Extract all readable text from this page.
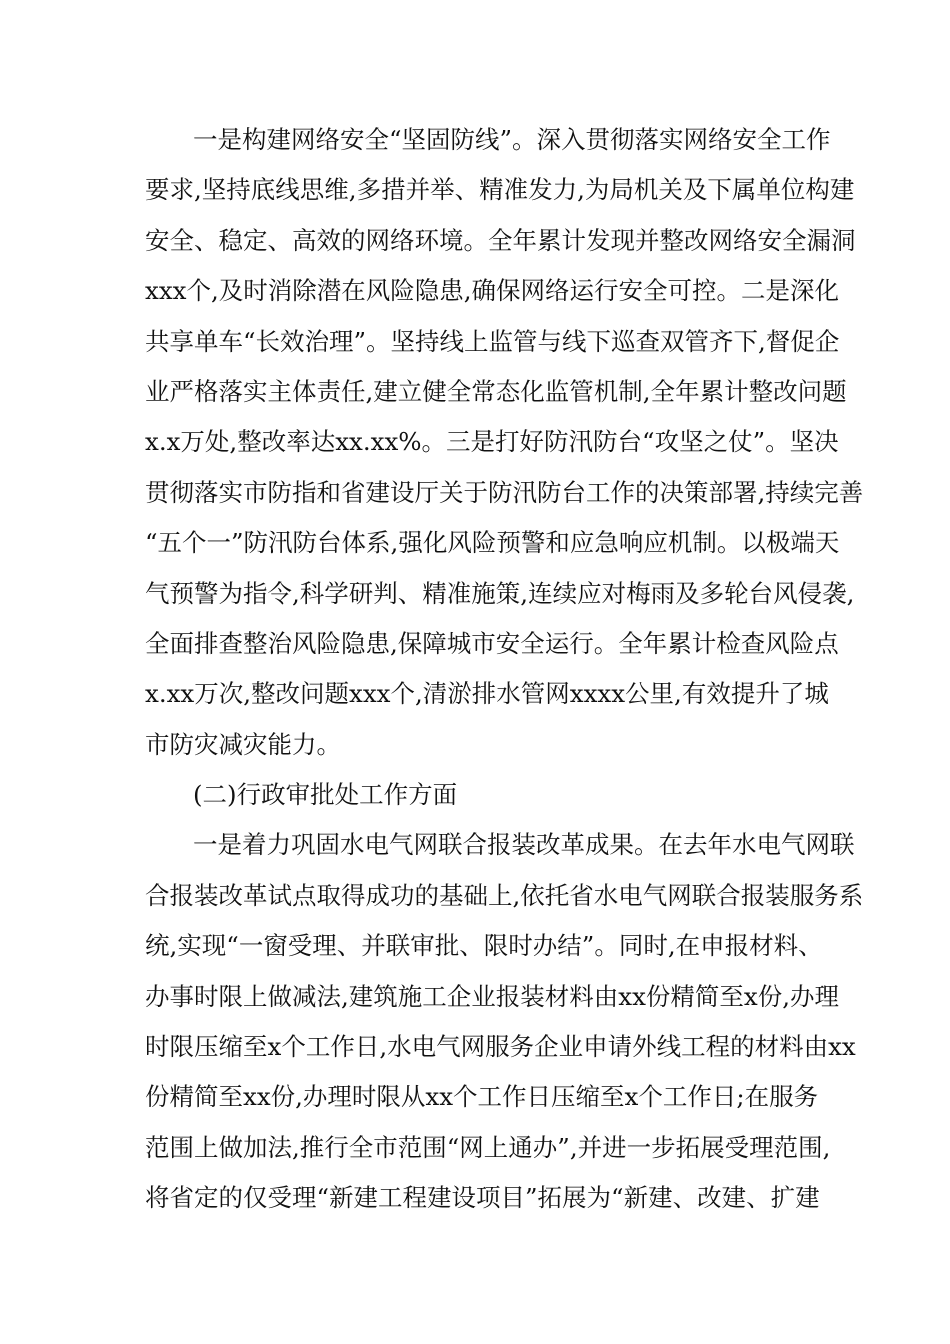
一是构建网络安全“坚固防线”。深入贯彻落实网络安全工作
要求,坚持底线思维,多措并举、精准发力,为局机关及下属单位构建
安全、稳定、高效的网络环境。全年累计发现并整改网络安全漏洞
xxx个,及时消除潜在风险隐患,确保网络运行安全可控。二是深化
共享单车“长效治理”。坚持线上监管与线下巡查双管齐下,督促企
业严格落实主体责任,建立健全常态化监管机制,全年累计整改问题
x.x万处,整改率达xx.xx%。三是打好防汛防台“攻坚之仗”。坚决
贯彻落实市防指和省建设厅关于防汛防台工作的决策部署,持续完善
“五个一”防汛防台体系,强化风险预警和应急响应机制。以极端天
气预警为指令,科学研判、精准施策,连续应对梅雨及多轮台风侵袭,
全面排查整治风险隐患,保障城市安全运行。全年累计检查风险点
x.xx万次,整改问题xxx个,清淤排水管网xxxx公里,有效提升了城
市防灾减灾能力。
(二)行政审批处工作方面
一是着力巩固水电气网联合报装改革成果。在去年水电气网联
合报装改革试点取得成功的基础上,依托省水电气网联合报装服务系
统,实现“一窗受理、并联审批、限时办结”。同时,在申报材料、
办事时限上做减法,建筑施工企业报装材料由xx份精简至x份,办理
时限压缩至x个工作日,水电气网服务企业申请外线工程的材料由xx
份精简至xx份,办理时限从xx个工作日压缩至x个工作日;在服务
范围上做加法,推行全市范围“网上通办”,并进一步拓展受理范围,
将省定的仅受理“新建工程建设项目”拓展为“新建、改建、扩建
